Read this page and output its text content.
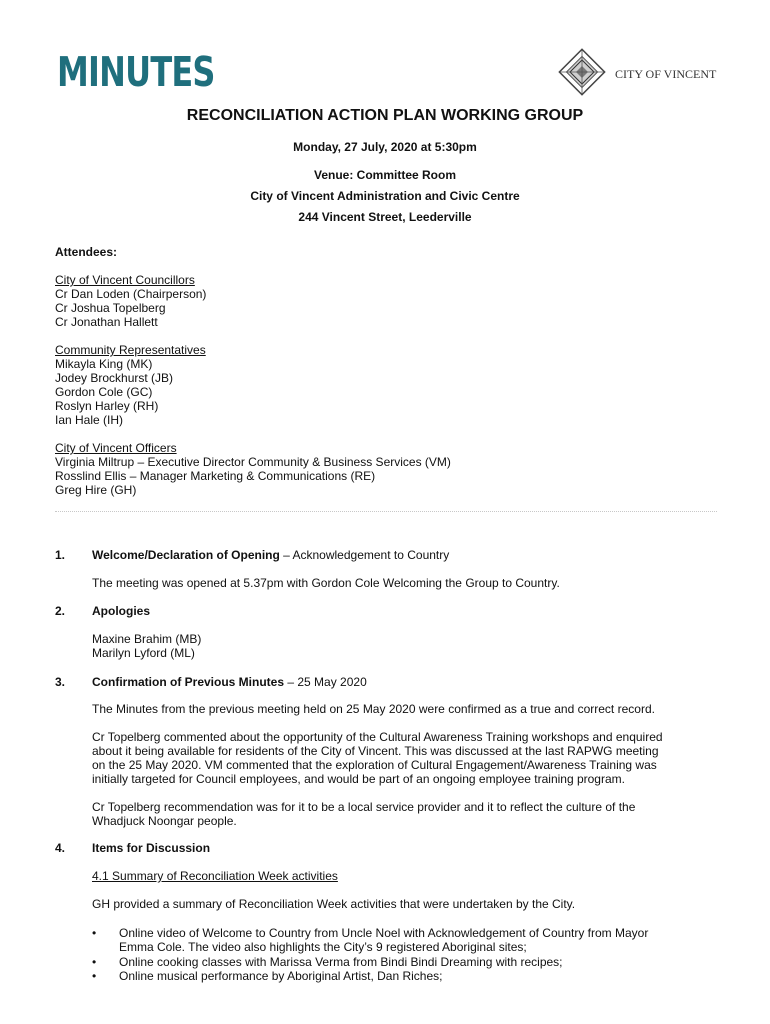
MINUTES	CITY OF VINCENT
RECONCILIATION ACTION PLAN WORKING GROUP
Monday, 27 July, 2020 at 5:30pm
Venue: Committee Room
City of Vincent Administration and Civic Centre
244 Vincent Street, Leederville
Attendees:
City of Vincent Councillors
Cr Dan Loden (Chairperson)
Cr Joshua Topelberg
Cr Jonathan Hallett
Community Representatives
Mikayla King (MK)
Jodey Brockhurst (JB)
Gordon Cole (GC)
Roslyn Harley (RH)
Ian Hale (IH)
City of Vincent Officers
Virginia Miltrup – Executive Director Community & Business Services (VM)
Rosslind Ellis – Manager Marketing & Communications (RE)
Greg Hire (GH)
1. Welcome/Declaration of Opening – Acknowledgement to Country
The meeting was opened at 5.37pm with Gordon Cole Welcoming the Group to Country.
2. Apologies
Maxine Brahim (MB)
Marilyn Lyford (ML)
3. Confirmation of Previous Minutes – 25 May 2020
The Minutes from the previous meeting held on 25 May 2020 were confirmed as a true and correct record.
Cr Topelberg commented about the opportunity of the Cultural Awareness Training workshops and enquired
about it being available for residents of the City of Vincent. This was discussed at the last RAPWG meeting
on the 25 May 2020. VM commented that the exploration of Cultural Engagement/Awareness Training was
initially targeted for Council employees, and would be part of an ongoing employee training program.
Cr Topelberg recommendation was for it to be a local service provider and it to reflect the culture of the
Whadjuck Noongar people.
4. Items for Discussion
4.1 Summary of Reconciliation Week activities
GH provided a summary of Reconciliation Week activities that were undertaken by the City.
• Online video of Welcome to Country from Uncle Noel with Acknowledgement of Country from Mayor
Emma Cole. The video also highlights the City’s 9 registered Aboriginal sites;
• Online cooking classes with Marissa Verma from Bindi Bindi Dreaming with recipes;
• Online musical performance by Aboriginal Artist, Dan Riches;
